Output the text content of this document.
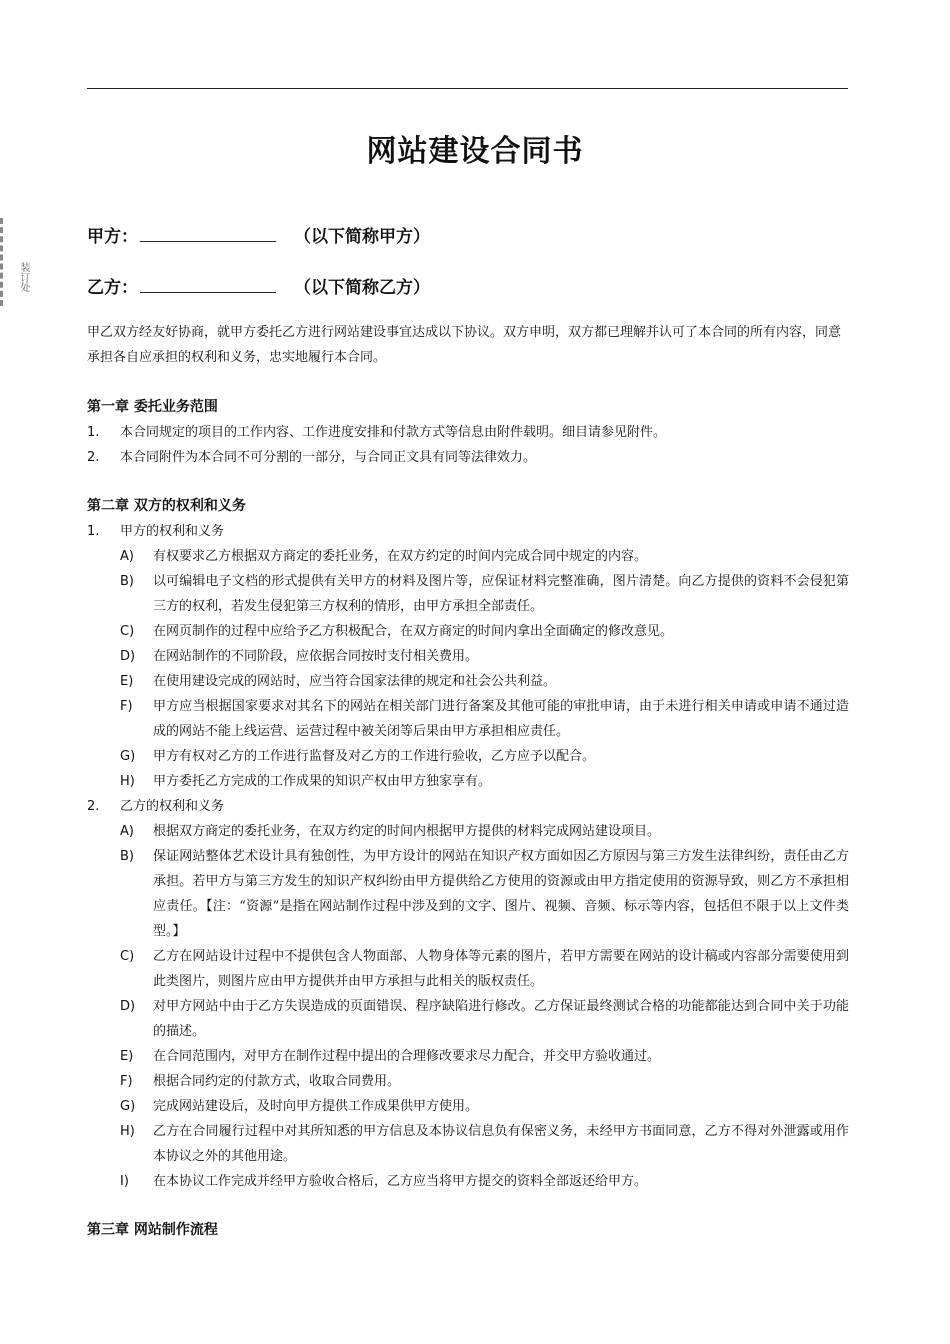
装订处
网站建设合同书
甲方：	（以下简称甲方）
乙方：	（以下简称乙方）
甲乙双方经友好协商，就甲方委托乙方进行网站建设事宜达成以下协议。双方申明，双方都已理解并认可了本合同的所有内容，同意承担各自应承担的权利和义务，忠实地履行本合同。
第一章 委托业务范围
1.	本合同规定的项目的工作内容、工作进度安排和付款方式等信息由附件载明。细目请参见附件。
2.	本合同附件为本合同不可分割的一部分，与合同正文具有同等法律效力。
第二章 双方的权利和义务
1.	甲方的权利和义务
A)	有权要求乙方根据双方商定的委托业务，在双方约定的时间内完成合同中规定的内容。
B)	以可编辑电子文档的形式提供有关甲方的材料及图片等，应保证材料完整准确，图片清楚。向乙方提供的资料不会侵犯第三方的权利，若发生侵犯第三方权利的情形，由甲方承担全部责任。
C)	在网页制作的过程中应给予乙方积极配合，在双方商定的时间内拿出全面确定的修改意见。
D)	在网站制作的不同阶段，应依据合同按时支付相关费用。
E)	在使用建设完成的网站时，应当符合国家法律的规定和社会公共利益。
F)	甲方应当根据国家要求对其名下的网站在相关部门进行备案及其他可能的审批申请，由于未进行相关申请或申请不通过造成的网站不能上线运营、运营过程中被关闭等后果由甲方承担相应责任。
G)	甲方有权对乙方的工作进行监督及对乙方的工作进行验收，乙方应予以配合。
H)	甲方委托乙方完成的工作成果的知识产权由甲方独家享有。
2.	乙方的权利和义务
A)	根据双方商定的委托业务，在双方约定的时间内根据甲方提供的材料完成网站建设项目。
B)	保证网站整体艺术设计具有独创性，为甲方设计的网站在知识产权方面如因乙方原因与第三方发生法律纠纷，责任由乙方承担。若甲方与第三方发生的知识产权纠纷由甲方提供给乙方使用的资源或由甲方指定使用的资源导致，则乙方不承担相应责任。【注：“资源”是指在网站制作过程中涉及到的文字、图片、视频、音频、标示等内容，包括但不限于以上文件类型。】
C)	乙方在网站设计过程中不提供包含人物面部、人物身体等元素的图片，若甲方需要在网站的设计稿或内容部分需要使用到此类图片，则图片应由甲方提供并由甲方承担与此相关的版权责任。
D)	对甲方网站中由于乙方失误造成的页面错误、程序缺陷进行修改。乙方保证最终测试合格的功能都能达到合同中关于功能的描述。
E)	在合同范围内，对甲方在制作过程中提出的合理修改要求尽力配合，并交甲方验收通过。
F)	根据合同约定的付款方式，收取合同费用。
G)	完成网站建设后，及时向甲方提供工作成果供甲方使用。
H)	乙方在合同履行过程中对其所知悉的甲方信息及本协议信息负有保密义务，未经甲方书面同意，乙方不得对外泄露或用作本协议之外的其他用途。
I)	在本协议工作完成并经甲方验收合格后，乙方应当将甲方提交的资料全部返还给甲方。
第三章 网站制作流程
